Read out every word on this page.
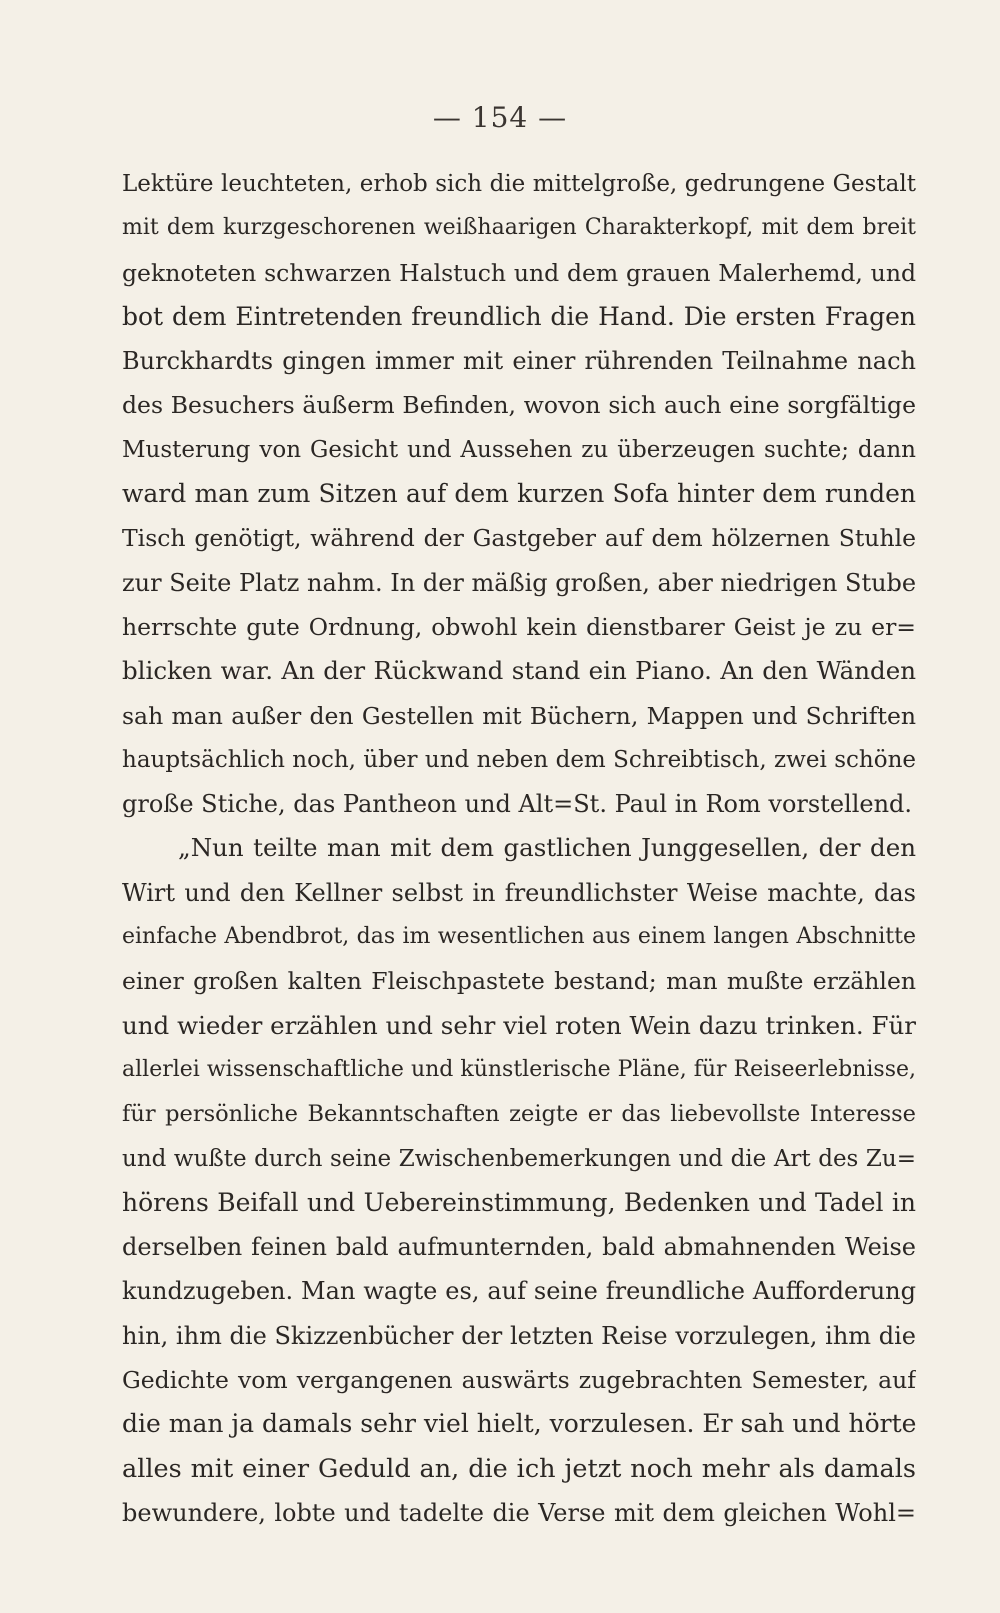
— 154 —
Lektüre leuchteten, erhob sich die mittelgroße, gedrungene Gestalt
mit dem kurzgeschorenen weißhaarigen Charakterkopf, mit dem breit
geknoteten schwarzen Halstuch und dem grauen Malerhemd, und
bot dem Eintretenden freundlich die Hand. Die ersten Fragen
Burckhardts gingen immer mit einer rührenden Teilnahme nach
des Besuchers äußerm Befinden, wovon sich auch eine sorgfältige
Musterung von Gesicht und Aussehen zu überzeugen suchte; dann
ward man zum Sitzen auf dem kurzen Sofa hinter dem runden
Tisch genötigt, während der Gastgeber auf dem hölzernen Stuhle
zur Seite Platz nahm. In der mäßig großen, aber niedrigen Stube
herrschte gute Ordnung, obwohl kein dienstbarer Geist je zu er=
blicken war. An der Rückwand stand ein Piano. An den Wänden
sah man außer den Gestellen mit Büchern, Mappen und Schriften
hauptsächlich noch, über und neben dem Schreibtisch, zwei schöne
große Stiche, das Pantheon und Alt=St. Paul in Rom vorstellend.
„Nun teilte man mit dem gastlichen Junggesellen, der den
Wirt und den Kellner selbst in freundlichster Weise machte, das
einfache Abendbrot, das im wesentlichen aus einem langen Abschnitte
einer großen kalten Fleischpastete bestand; man mußte erzählen
und wieder erzählen und sehr viel roten Wein dazu trinken. Für
allerlei wissenschaftliche und künstlerische Pläne, für Reiseerlebnisse,
für persönliche Bekanntschaften zeigte er das liebevollste Interesse
und wußte durch seine Zwischenbemerkungen und die Art des Zu=
hörens Beifall und Uebereinstimmung, Bedenken und Tadel in
derselben feinen bald aufmunternden, bald abmahnenden Weise
kundzugeben. Man wagte es, auf seine freundliche Aufforderung
hin, ihm die Skizzenbücher der letzten Reise vorzulegen, ihm die
Gedichte vom vergangenen auswärts zugebrachten Semester, auf
die man ja damals sehr viel hielt, vorzulesen. Er sah und hörte
alles mit einer Geduld an, die ich jetzt noch mehr als damals
bewundere, lobte und tadelte die Verse mit dem gleichen Wohl=
